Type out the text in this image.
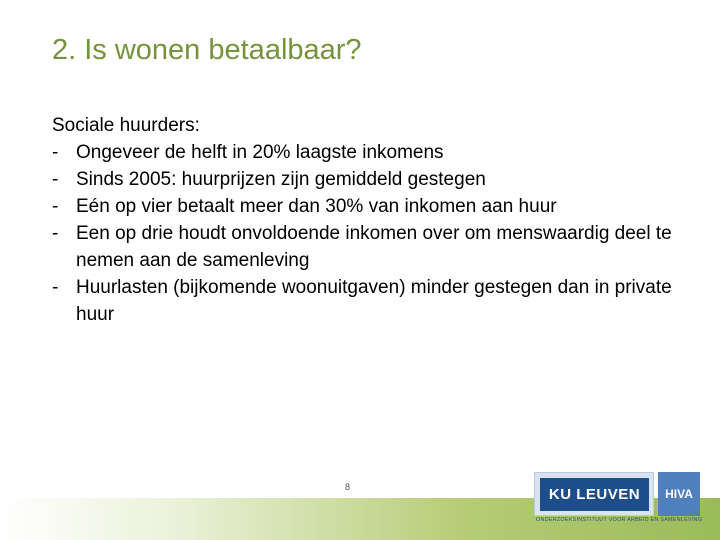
2. Is wonen betaalbaar?

Sociale huurders:

- Ongeveer de helft in 20% laagste inkomens
- Sinds 2005: huurprijzen zijn gemiddeld gestegen
- Eén op vier betaalt meer dan 30% van inkomen aan huur
- Een op drie houdt onvoldoende inkomen over om menswaardig deel te nemen aan de samenleving
- Huurlasten (bijkomende woonuitgaven) minder gestegen dan in private huur
8	KU LEUVEN	HIVA
ONDERZOEKSINSTITUUT VOOR ARBEID EN SAMENLEVING
